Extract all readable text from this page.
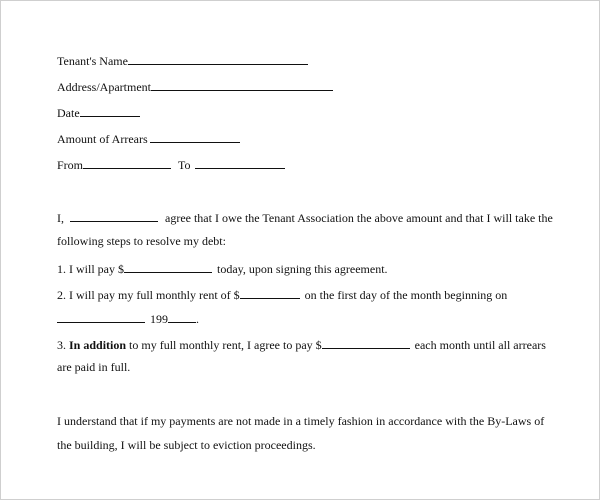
Tenant's Name
Address/Apartment
Date
Amount of Arrears
From	To
I,	agree that I owe the Tenant Association the above amount and that I will take the
following steps to resolve my debt:
1. I will pay $	today, upon signing this agreement.
2. I will pay my full monthly rent of $	on the first day of the month beginning on
199 .
3. In addition to my full monthly rent, I agree to pay $	each month until all arrears
are paid in full.
I understand that if my payments are not made in a timely fashion in accordance with the By-Laws of
the building, I will be subject to eviction proceedings.
